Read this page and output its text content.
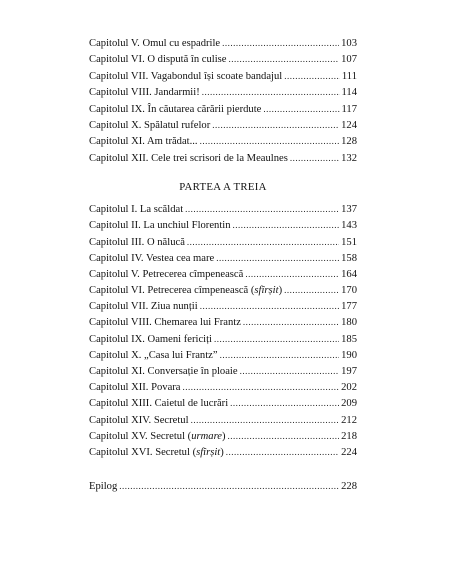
Capitolul V. Omul cu espadrile .....	103
Capitolul VI. O dispută în culise .....	107
Capitolul VII. Vagabondul își scoate bandajul .....	111
Capitolul VIII. Jandarmii! .....	114
Capitolul IX. În căutarea cărării pierdute .....	117
Capitolul X. Spălatul rufelor .....	124
Capitolul XI. Am trădat... .....	128
Capitolul XII. Cele trei scrisori de la Meaulnes .....	132
PARTEA A TREIA
Capitolul I. La scăldat .....	137
Capitolul II. La unchiul Florentin .....	143
Capitolul III. O nălucă .....	151
Capitolul IV. Vestea cea mare .....	158
Capitolul V. Petrecerea cîmpenească .....	164
Capitolul VI. Petrecerea cîmpenească (sfîrșit) .....	170
Capitolul VII. Ziua nunții .....	177
Capitolul VIII. Chemarea lui Frantz .....	180
Capitolul IX. Oameni fericiți .....	185
Capitolul X. „Casa lui Frantz” .....	190
Capitolul XI. Conversație în ploaie .....	197
Capitolul XII. Povara .....	202
Capitolul XIII. Caietul de lucrări .....	209
Capitolul XIV. Secretul .....	212
Capitolul XV. Secretul (urmare) .....	218
Capitolul XVI. Secretul (sfîrșit) .....	224
Epilog .....	228
